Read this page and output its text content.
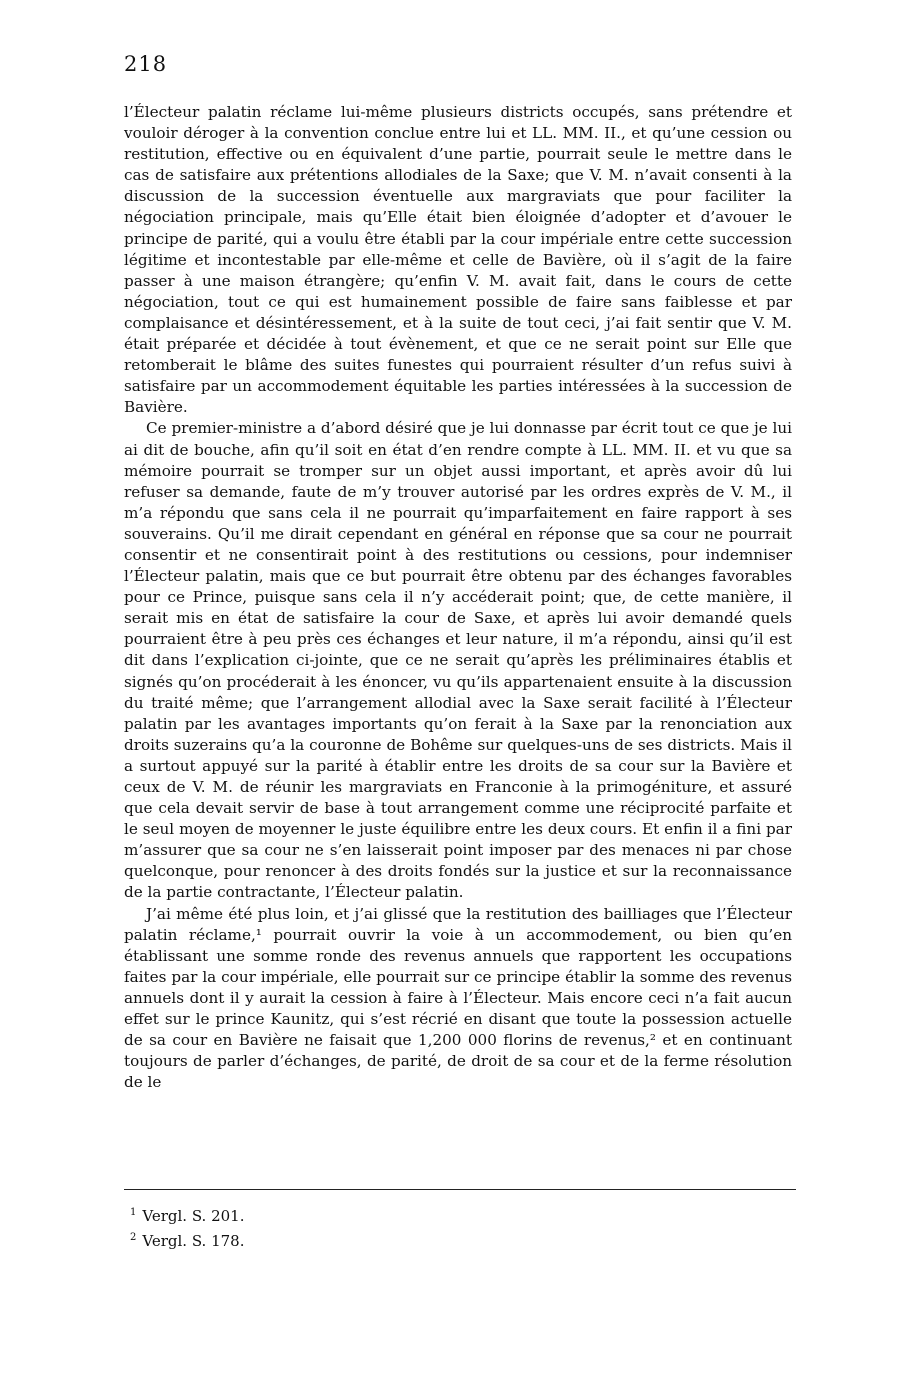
218

l’Électeur palatin réclame lui-même plusieurs districts occupés, sans prétendre et vouloir déroger à la convention conclue entre lui et LL. MM. II., et qu’une cession ou restitution, effective ou en équivalent d’une partie, pourrait seule le mettre dans le cas de satisfaire aux prétentions allodiales de la Saxe; que V. M. n’avait consenti à la discussion de la succession éventuelle aux margraviats que pour faciliter la négociation principale, mais qu’Elle était bien éloignée d’adopter et d’avouer le principe de parité, qui a voulu être établi par la cour impériale entre cette succession légitime et incontestable par elle-même et celle de Bavière, où il s’agit de la faire passer à une maison étrangère; qu’enfin V. M. avait fait, dans le cours de cette négociation, tout ce qui est humainement possible de faire sans faiblesse et par complaisance et désintéressement, et à la suite de tout ceci, j’ai fait sentir que V. M. était préparée et décidée à tout évènement, et que ce ne serait point sur Elle que retomberait le blâme des suites funestes qui pourraient résulter d’un refus suivi à satisfaire par un accommodement équitable les parties intéressées à la succession de Bavière.

Ce premier-ministre a d’abord désiré que je lui donnasse par écrit tout ce que je lui ai dit de bouche, afin qu’il soit en état d’en rendre compte à LL. MM. II. et vu que sa mémoire pourrait se tromper sur un objet aussi important, et après avoir dû lui refuser sa demande, faute de m’y trouver autorisé par les ordres exprès de V. M., il m’a répondu que sans cela il ne pourrait qu’imparfaitement en faire rapport à ses souverains. Qu’il me dirait cependant en général en réponse que sa cour ne pourrait consentir et ne consentirait point à des restitutions ou cessions, pour indemniser l’Électeur palatin, mais que ce but pourrait être obtenu par des échanges favorables pour ce Prince, puisque sans cela il n’y accéderait point; que, de cette manière, il serait mis en état de satisfaire la cour de Saxe, et après lui avoir demandé quels pourraient être à peu près ces échanges et leur nature, il m’a répondu, ainsi qu’il est dit dans l’explication ci-jointe, que ce ne serait qu’après les préliminaires établis et signés qu’on procéderait à les énoncer, vu qu’ils appartenaient ensuite à la discussion du traité même; que l’arrangement allodial avec la Saxe serait facilité à l’Électeur palatin par les avantages importants qu’on ferait à la Saxe par la renonciation aux droits suzerains qu’a la couronne de Bohême sur quelques-uns de ses districts. Mais il a surtout appuyé sur la parité à établir entre les droits de sa cour sur la Bavière et ceux de V. M. de réunir les margraviats en Franconie à la primogéniture, et assuré que cela devait servir de base à tout arrangement comme une réciprocité parfaite et le seul moyen de moyenner le juste équilibre entre les deux cours. Et enfin il a fini par m’assurer que sa cour ne s’en laisserait point imposer par des menaces ni par chose quelconque, pour renoncer à des droits fondés sur la justice et sur la reconnaissance de la partie contractante, l’Électeur palatin.

J’ai même été plus loin, et j’ai glissé que la restitution des bailliages que l’Électeur palatin réclame,¹ pourrait ouvrir la voie à un accommodement, ou bien qu’en établissant une somme ronde des revenus annuels que rapportent les occupations faites par la cour impériale, elle pourrait sur ce principe établir la somme des revenus annuels dont il y aurait la cession à faire à l’Électeur. Mais encore ceci n’a fait aucun effet sur le prince Kaunitz, qui s’est récrié en disant que toute la possession actuelle de sa cour en Bavière ne faisait que 1,200 000 florins de revenus,² et en continuant toujours de parler d’échanges, de parité, de droit de sa cour et de la ferme résolution de le

$^1$ Vergl. S. 201.
$^2$ Vergl. S. 178.
